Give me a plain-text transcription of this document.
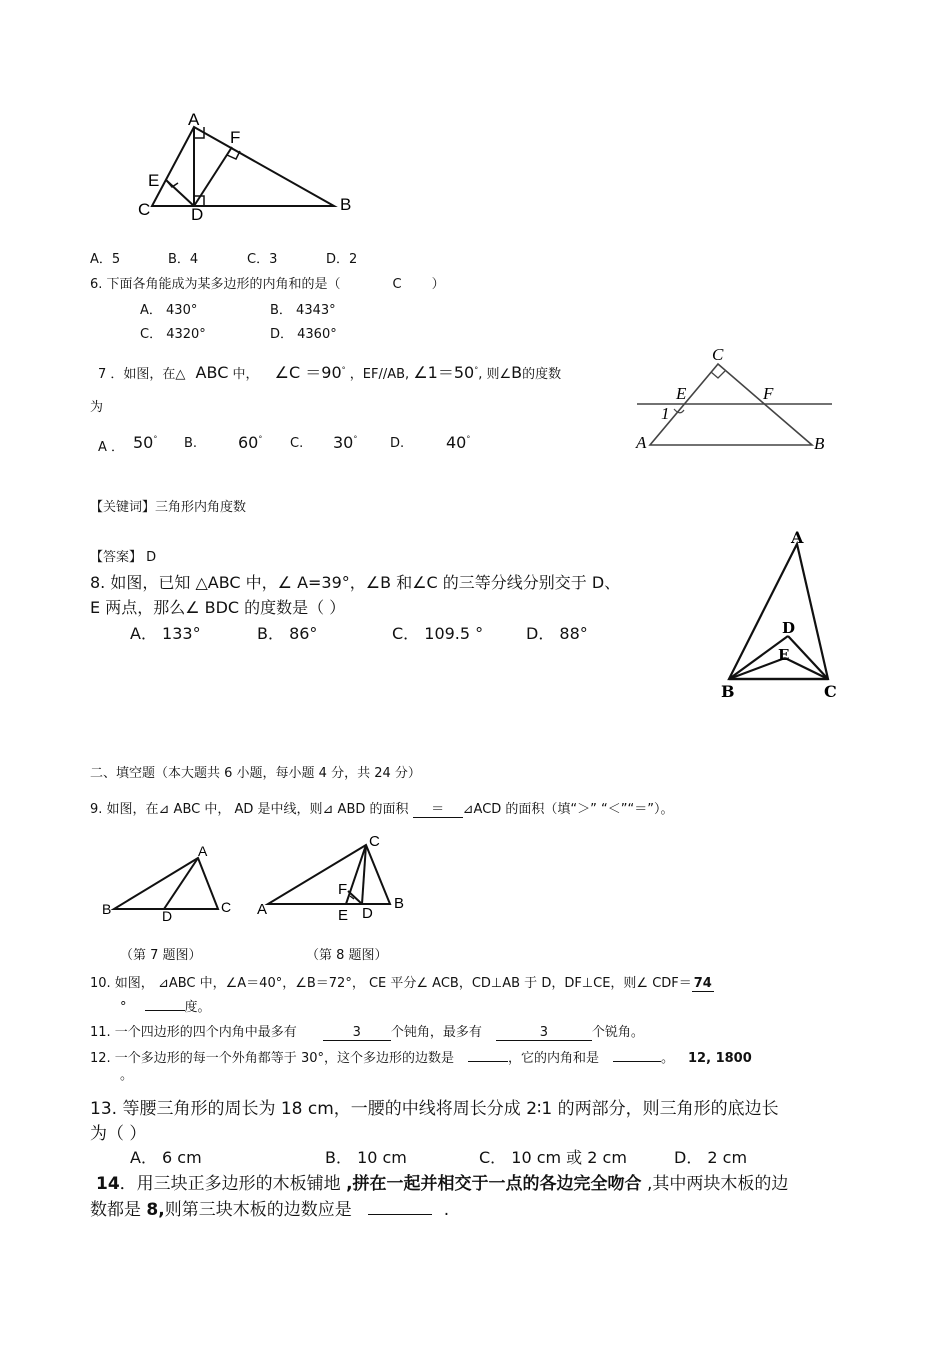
A
F
E
C D
B
A．5	B．4	C．3	D．2
6. 下面各角能成为某多边形的内角和的是（	C ）
A． 430°	B． 4343°
C． 4320°	D． 4360°
7 ．如图，在△ ABC 中， ∠C ＝90° ，EF//AB, ∠1＝50°, 则∠B的度数
为
A ． 50° B.	60° C. 30°	D.	40°
C
E	F
1
A	B
【关键词】三角形内角度数
【答案】 D
8. 如图，已知 △ABC 中，∠ A=39°，∠B 和∠C 的三等分线分别交于 D、
E 两点，那么∠ BDC 的度数是（ ）
A． 133°	B． 86°	C． 109.5 °	D． 88°
A
D
E
B	C
二、填空题（本大题共 6 小题，每小题 4 分，共 24 分）
9. 如图，在⊿ ABC 中， AD 是中线，则⊿ ABD 的面积 ＝ ⊿ACD 的面积（填“＞” “＜”“＝”）。
A
B	D
C
C
F
A	E D
B
（第 7 题图）	（第 8 题图）
10. 如图， ⊿ABC 中，∠A＝40°，∠B＝72°， CE 平分∠ ACB，CD⊥AB 于 D，DF⊥CE，则∠ CDF＝ 74
°	度。
11. 一个四边形的四个内角中最多有	3 个钝角，最多有	3	个锐角。
12. 一个多边形的每一个外角都等于 30°，这个多边形的边数是	，它的内角和是	。 12, 1800
。
13. 等腰三角形的周长为 18 cm，一腰的中线将周长分成 2∶1 的两部分，则三角形的底边长
为（ ）
A． 6 cm	B． 10 cm	C． 10 cm 或 2 cm	D． 2 cm
14．用三块正多边形的木板铺地 ,拼在一起并相交于一点的各边完全吻合 ,其中两块木板的边
数都是 8,则第三块木板的边数应是	.
